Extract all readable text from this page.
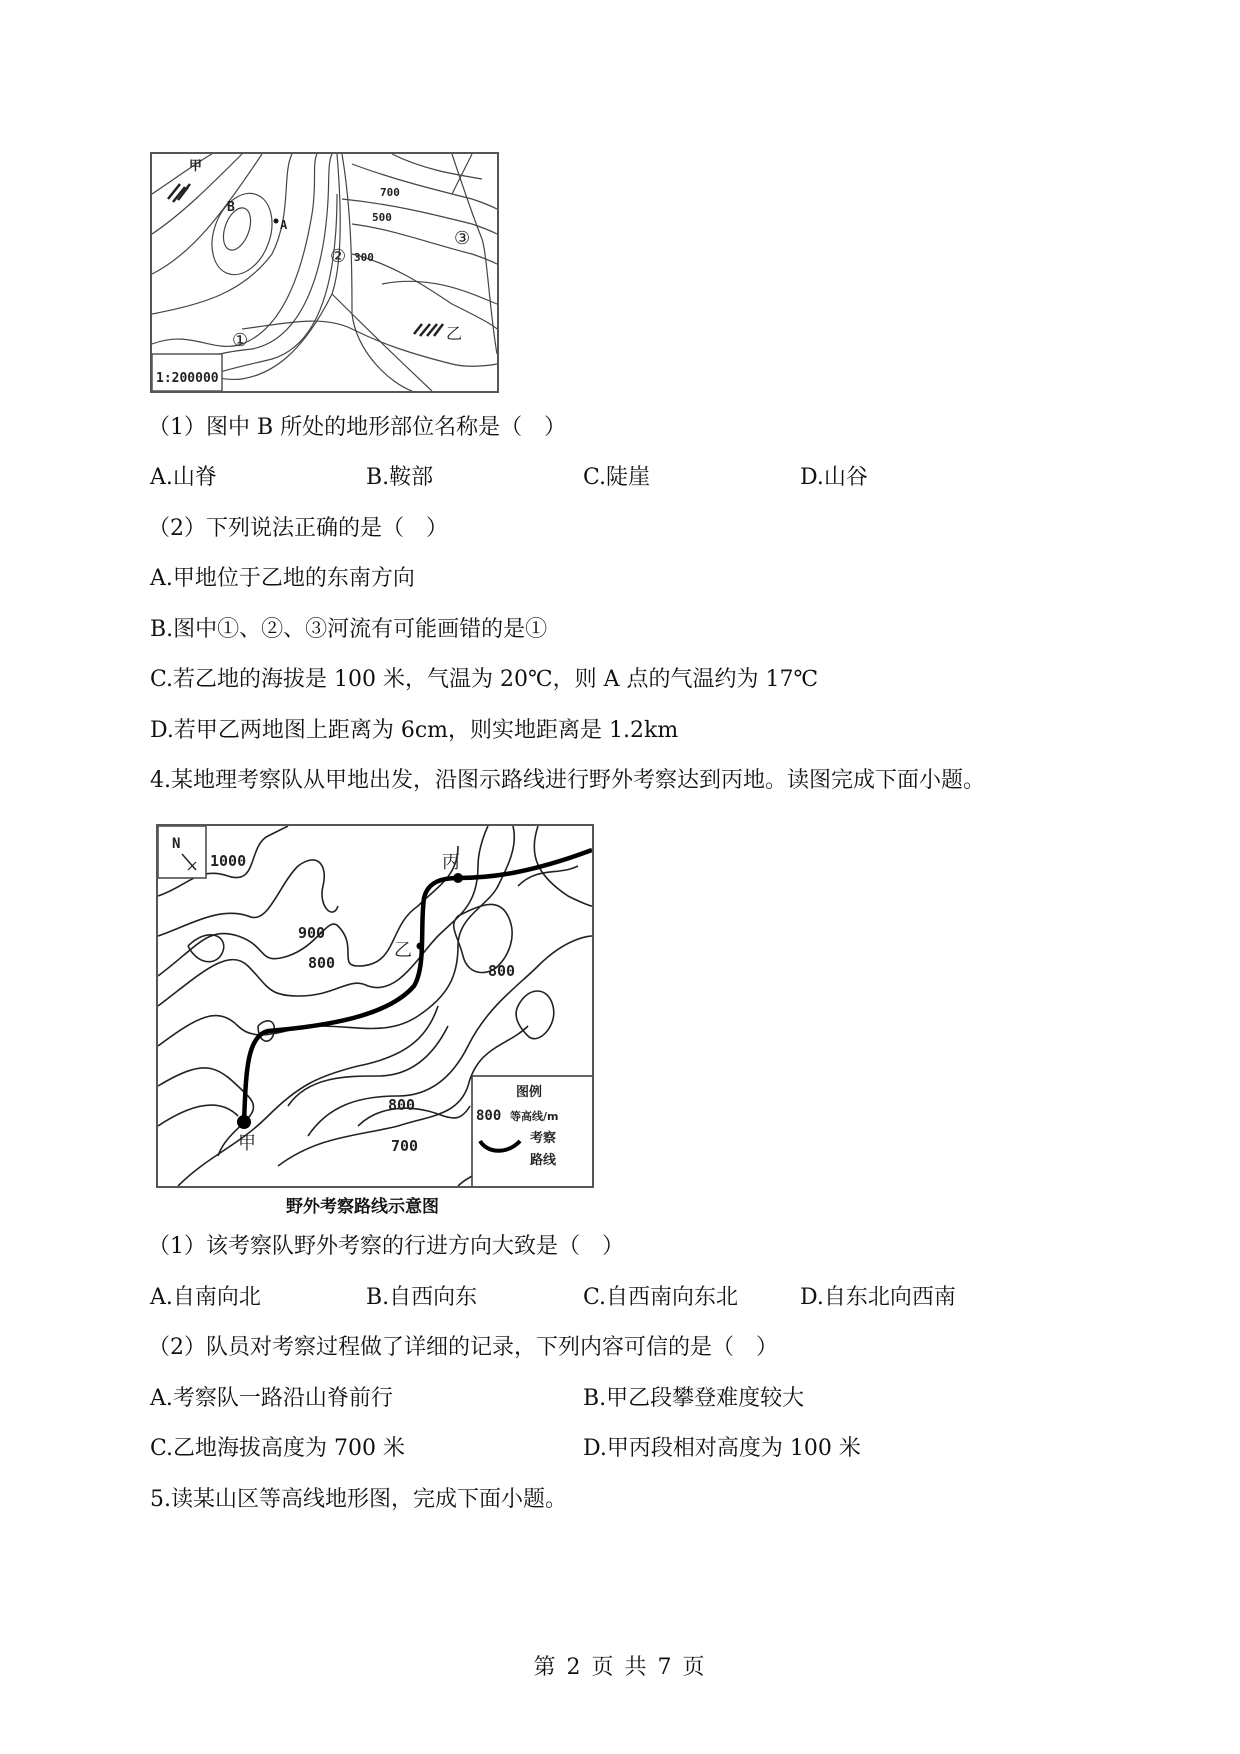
1:200000
甲
乙
B
A
700
500
300
②
③
①
（1）图中 B 所处的地形部位名称是（　）
A.山脊	B.鞍部	C.陡崖	D.山谷
（2）下列说法正确的是（　）
A.甲地位于乙地的东南方向
B.图中①、②、③河流有可能画错的是①
C.若乙地的海拔是 100 米，气温为 20℃，则 A 点的气温约为 17℃
D.若甲乙两地图上距离为 6cm，则实地距离是 1.2km
4.某地理考察队从甲地出发，沿图示路线进行野外考察达到丙地。读图完成下面小题。
N
1000
900
800	800
800
700
甲
乙
丙
图例
800 等高线/m
考察
路线
野外考察路线示意图
（1）该考察队野外考察的行进方向大致是（　）
A.自南向北	B.自西向东	C.自西南向东北	D.自东北向西南
（2）队员对考察过程做了详细的记录，下列内容可信的是（　）
A.考察队一路沿山脊前行	B.甲乙段攀登难度较大
C.乙地海拔高度为 700 米	D.甲丙段相对高度为 100 米
5.读某山区等高线地形图，完成下面小题。
第 2 页 共 7 页
